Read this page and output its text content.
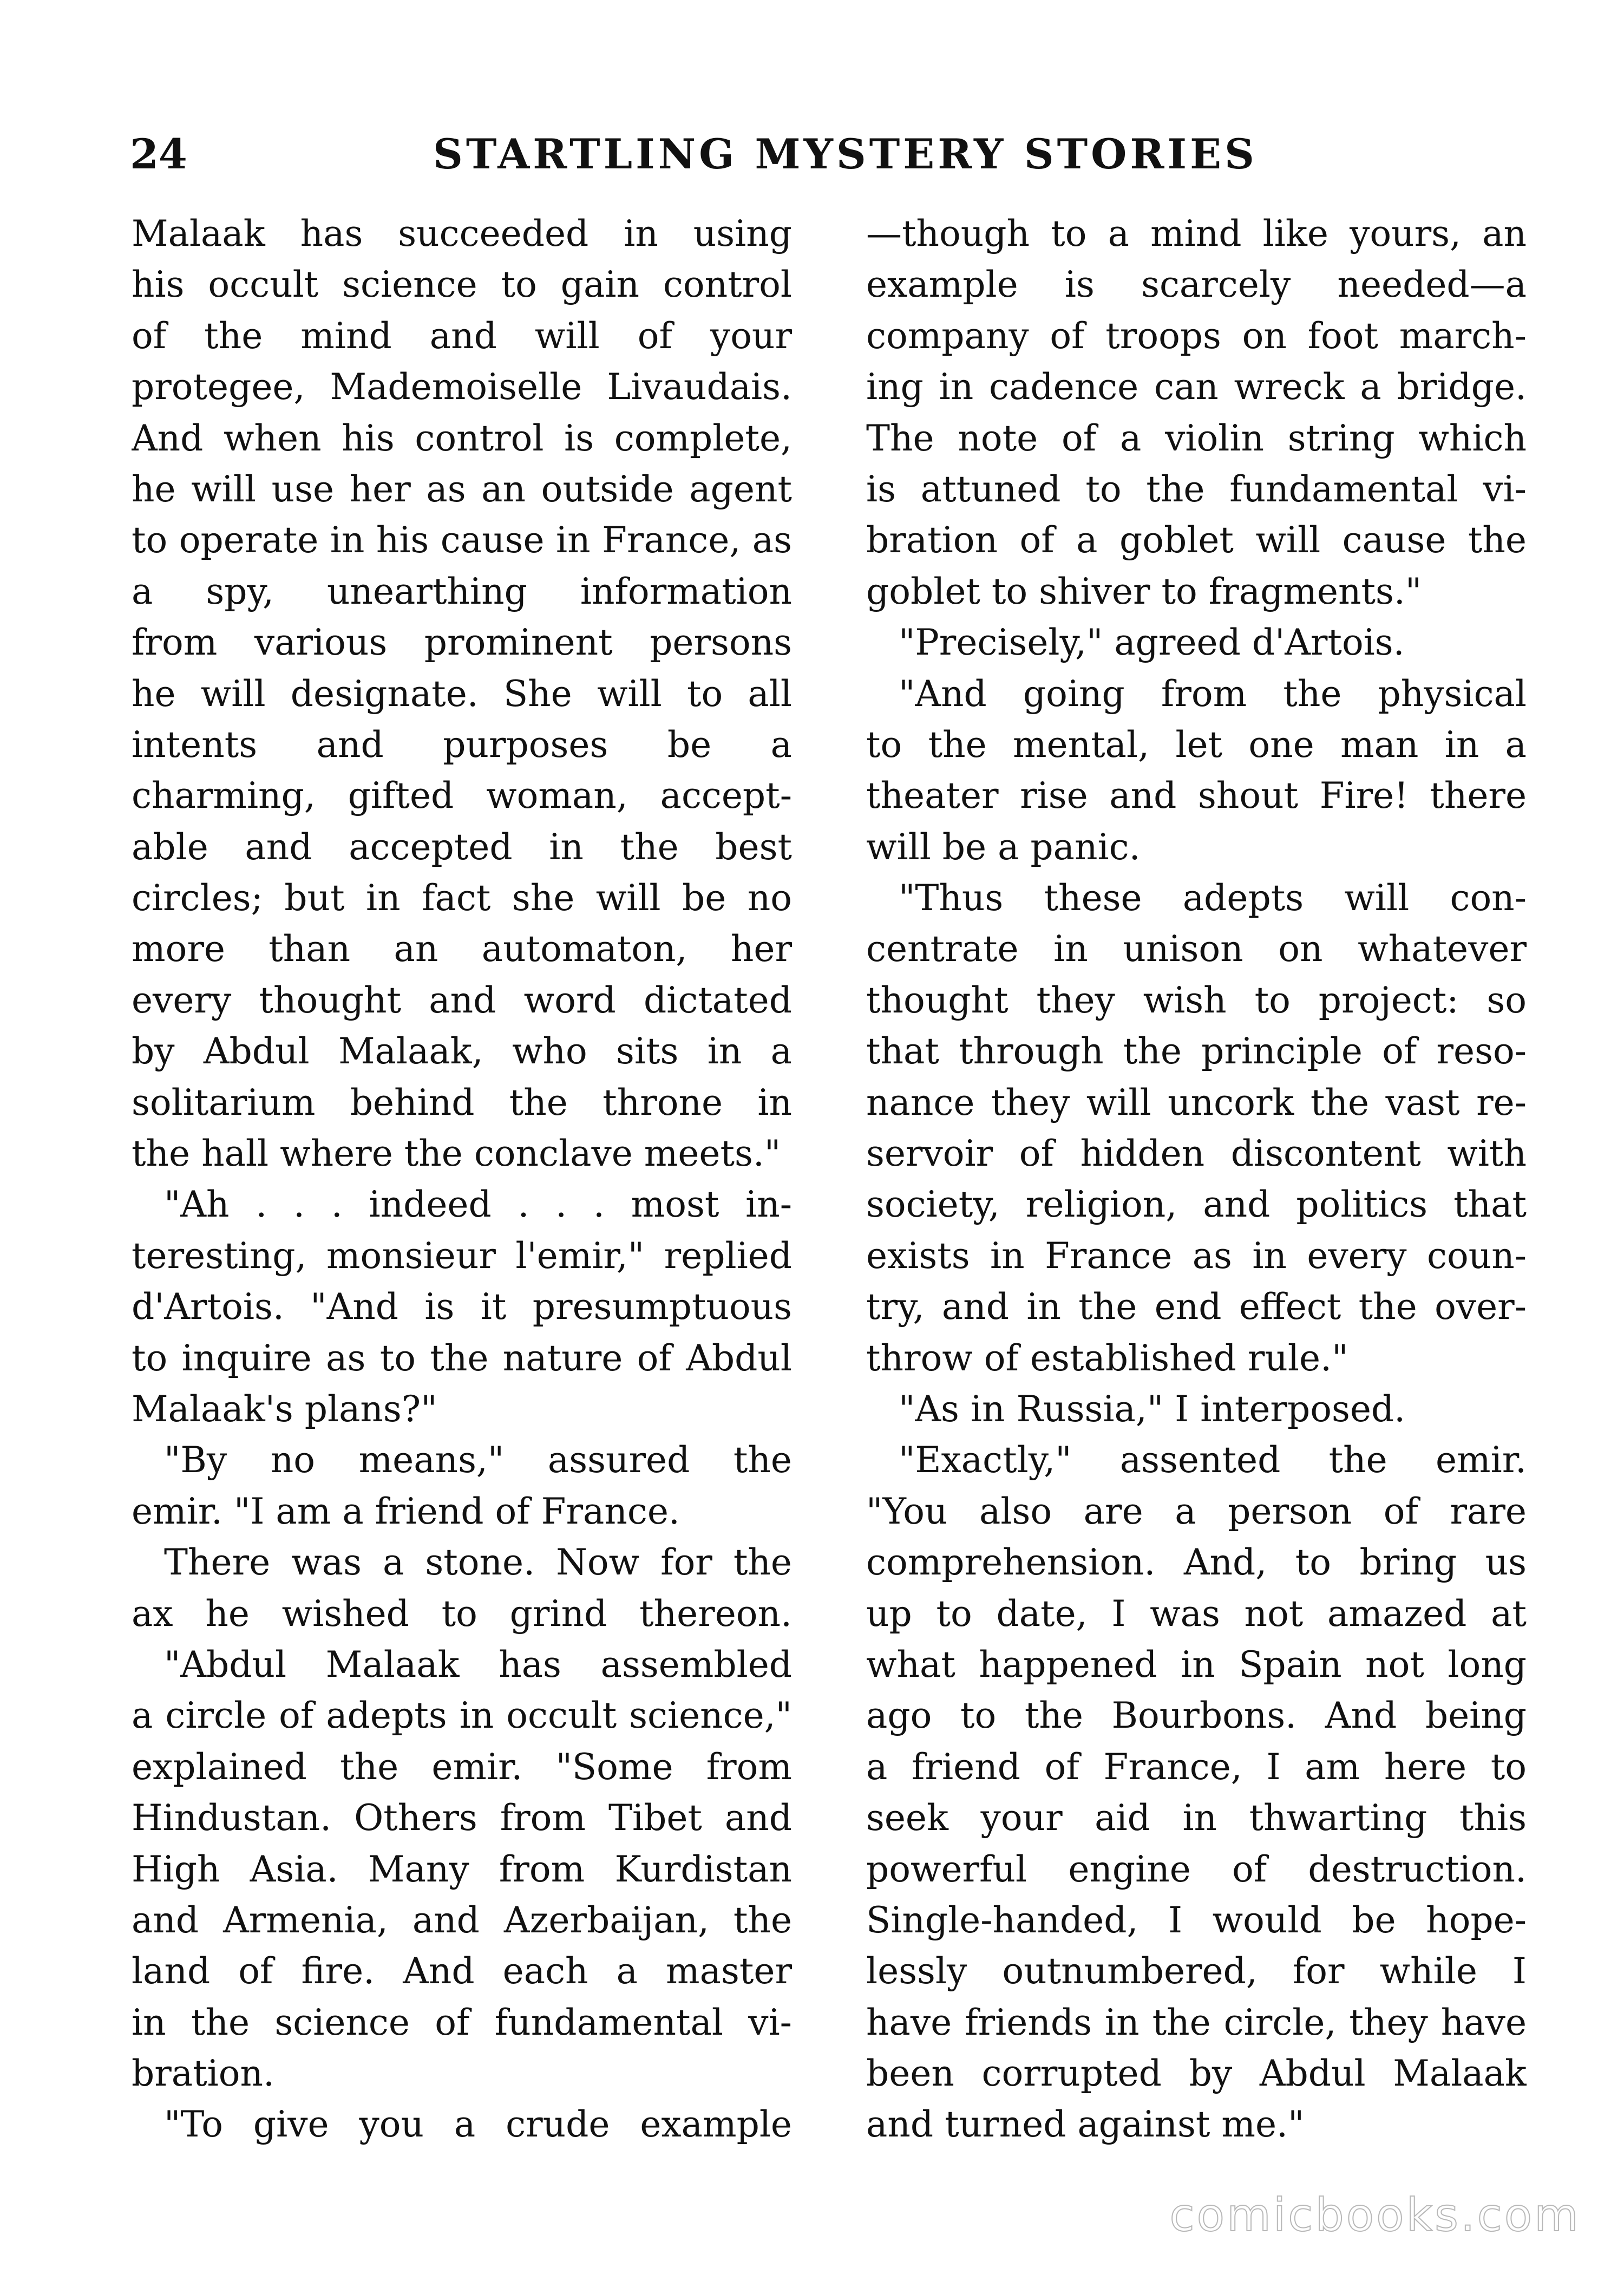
24	STARTLING MYSTERY STORIES
Malaak has succeeded in using
his occult science to gain control
of the mind and will of your
protegee, Mademoiselle Livaudais.
And when his control is complete,
he will use her as an outside agent
to operate in his cause in France, as
a spy, unearthing information
from various prominent persons
he will designate. She will to all
intents and purposes be a
charming, gifted woman, accept-
able and accepted in the best
circles; but in fact she will be no
more than an automaton, her
every thought and word dictated
by Abdul Malaak, who sits in a
solitarium behind the throne in
the hall where the conclave meets."
"Ah . . . indeed . . . most in-
teresting, monsieur l'emir," replied
d'Artois. "And is it presumptuous
to inquire as to the nature of Abdul
Malaak's plans?"
"By no means," assured the
emir. "I am a friend of France.
There was a stone. Now for the
ax he wished to grind thereon.
"Abdul Malaak has assembled
a circle of adepts in occult science,"
explained the emir. "Some from
Hindustan. Others from Tibet and
High Asia. Many from Kurdistan
and Armenia, and Azerbaijan, the
land of fire. And each a master
in the science of fundamental vi-
bration.
"To give you a crude example
—though to a mind like yours, an
example is scarcely needed—a
company of troops on foot march-
ing in cadence can wreck a bridge.
The note of a violin string which
is attuned to the fundamental vi-
bration of a goblet will cause the
goblet to shiver to fragments."
"Precisely," agreed d'Artois.
"And going from the physical
to the mental, let one man in a
theater rise and shout Fire! there
will be a panic.
"Thus these adepts will con-
centrate in unison on whatever
thought they wish to project: so
that through the principle of reso-
nance they will uncork the vast re-
servoir of hidden discontent with
society, religion, and politics that
exists in France as in every coun-
try, and in the end effect the over-
throw of established rule."
"As in Russia," I interposed.
"Exactly," assented the emir.
"You also are a person of rare
comprehension. And, to bring us
up to date, I was not amazed at
what happened in Spain not long
ago to the Bourbons. And being
a friend of France, I am here to
seek your aid in thwarting this
powerful engine of destruction.
Single-handed, I would be hope-
lessly outnumbered, for while I
have friends in the circle, they have
been corrupted by Abdul Malaak
and turned against me."
comicbooks.com
